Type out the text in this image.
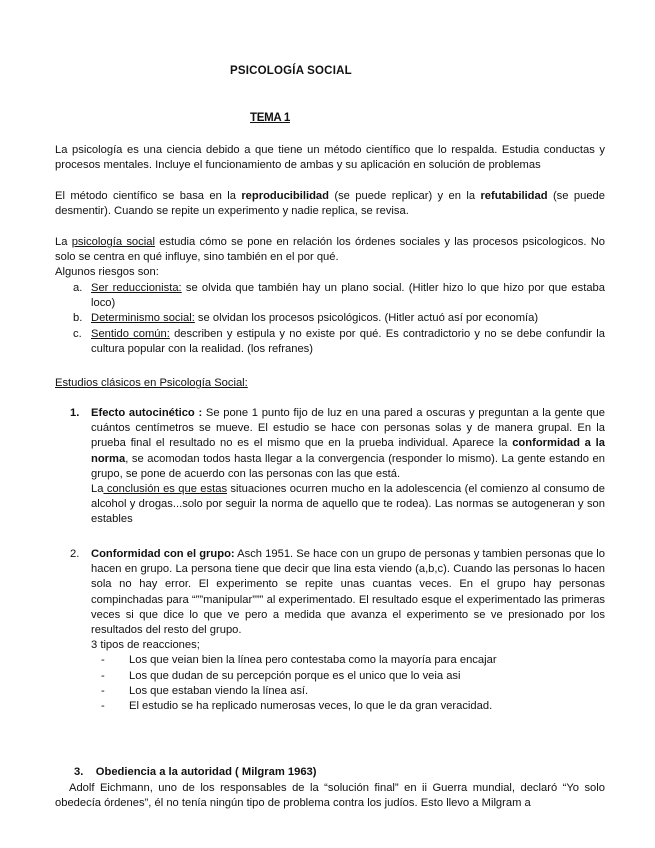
PSICOLOGÍA SOCIAL
TEMA 1
La psicología es una ciencia debido a que tiene un método científico que lo respalda. Estudia conductas y procesos mentales. Incluye el funcionamiento de ambas y su aplicación en solución de problemas
El método científico se basa en la reproducibilidad (se puede replicar) y en la refutabilidad (se puede desmentir). Cuando se repite un experimento y nadie replica, se revisa.
La psicología social estudia cómo se pone en relación los órdenes sociales y las procesos psicologicos. No solo se centra en qué influye, sino también en el por qué.
Algunos riesgos son:
a. Ser reduccionista: se olvida que también hay un plano social. (Hitler hizo lo que hizo por que estaba loco)
b. Determinismo social: se olvidan los procesos psicológicos. (Hitler actuó así por economía)
c. Sentido común: describen y estipula y no existe por qué. Es contradictorio y no se debe confundir la cultura popular con la realidad. (los refranes)
Estudios clásicos en Psicología Social:
1. Efecto autocinético : Se pone 1 punto fijo de luz en una pared a oscuras y preguntan a la gente que cuántos centímetros se mueve. El estudio se hace con personas solas y de manera grupal. En la prueba final el resultado no es el mismo que en la prueba individual. Aparece la conformidad a la norma, se acomodan todos hasta llegar a la convergencia (responder lo mismo). La gente estando en grupo, se pone de acuerdo con las personas con las que está.
La conclusión es que estas situaciones ocurren mucho en la adolescencia (el comienzo al consumo de alcohol y drogas...solo por seguir la norma de aquello que te rodea). Las normas se autogeneran y son estables
2. Conformidad con el grupo: Asch 1951. Se hace con un grupo de personas y tambien personas que lo hacen en grupo. La persona tiene que decir que lina esta viendo (a,b,c). Cuando las personas lo hacen sola no hay error. El experimento se repite unas cuantas veces. En el grupo hay personas compinchadas para “””manipular””” al experimentado. El resultado esque el experimentado las primeras veces si que dice lo que ve pero a medida que avanza el experimento se ve presionado por los resultados del resto del grupo.
3 tipos de reacciones;
- Los que veian bien la línea pero contestaba como la mayoría para encajar
- Los que dudan de su percepción porque es el unico que lo veia asi
- Los que estaban viendo la línea así.
- El estudio se ha replicado numerosas veces, lo que le da gran veracidad.
3. Obediencia a la autoridad ( Milgram 1963)
Adolf Eichmann, uno de los responsables de la “solución final” en ii Guerra mundial, declaró “Yo solo obedecía órdenes”, él no tenía ningún tipo de problema contra los judíos. Esto llevo a Milgram a
